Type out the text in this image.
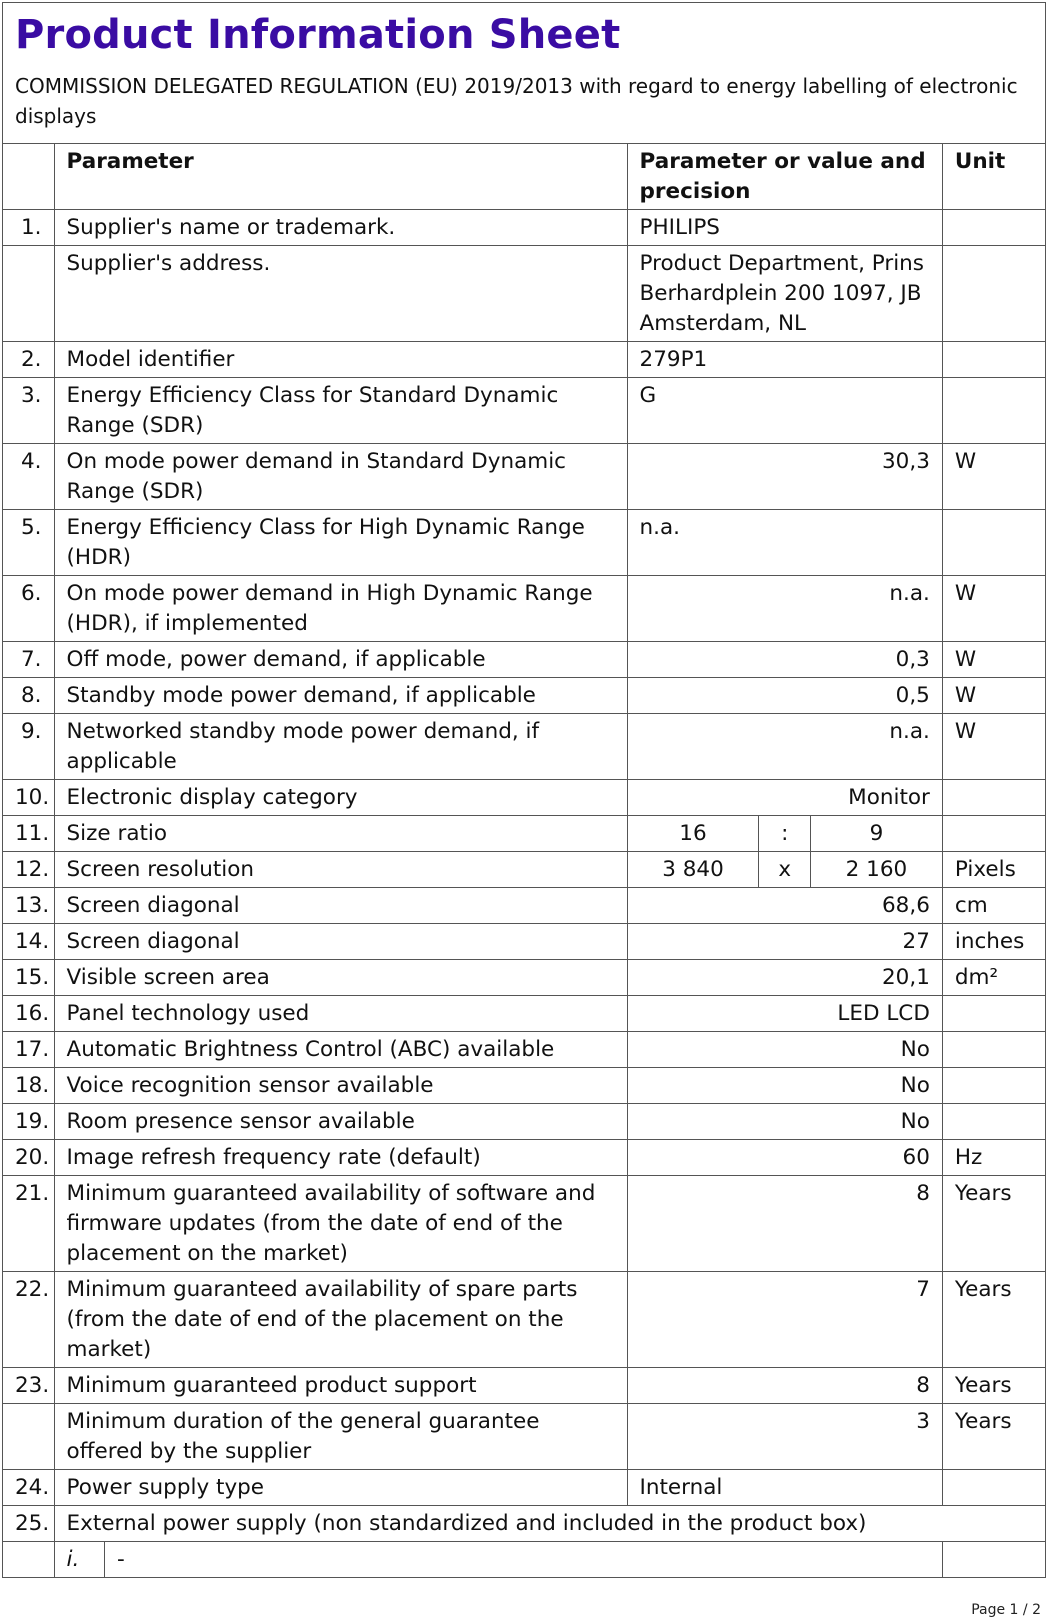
Product Information Sheet
COMMISSION DELEGATED REGULATION (EU) 2019/2013 with regard to energy labelling of electronic displays
	Parameter	Parameter or value and precision	Unit
1.	Supplier's name or trademark.	PHILIPS	
	Supplier's address.	Product Department, Prins Berhardplein 200 1097, JB Amsterdam, NL	
2.	Model identifier	279P1	
3.	Energy Efficiency Class for Standard Dynamic Range (SDR)	G	
4.	On mode power demand in Standard Dynamic Range (SDR)	30,3	W
5.	Energy Efficiency Class for High Dynamic Range (HDR)	n.a.	
6.	On mode power demand in High Dynamic Range (HDR), if implemented	n.a.	W
7.	Off mode, power demand, if applicable	0,3	W
8.	Standby mode power demand, if applicable	0,5	W
9.	Networked standby mode power demand, if applicable	n.a.	W
10.	Electronic display category	Monitor	
11.	Size ratio	16	:	9	
12.	Screen resolution	3 840	x	2 160	Pixels
13.	Screen diagonal	68,6	cm
14.	Screen diagonal	27	inches
15.	Visible screen area	20,1	dm²
16.	Panel technology used	LED LCD	
17.	Automatic Brightness Control (ABC) available	No	
18.	Voice recognition sensor available	No	
19.	Room presence sensor available	No	
20.	Image refresh frequency rate (default)	60	Hz
21.	Minimum guaranteed availability of software and firmware updates (from the date of end of the placement on the market)	8	Years
22.	Minimum guaranteed availability of spare parts (from the date of end of the placement on the market)	7	Years
23.	Minimum guaranteed product support	8	Years
	Minimum duration of the general guarantee offered by the supplier	3	Years
24.	Power supply type	Internal	
25.	External power supply (non standardized and included in the product box)

i.	-

Page 1 / 2
